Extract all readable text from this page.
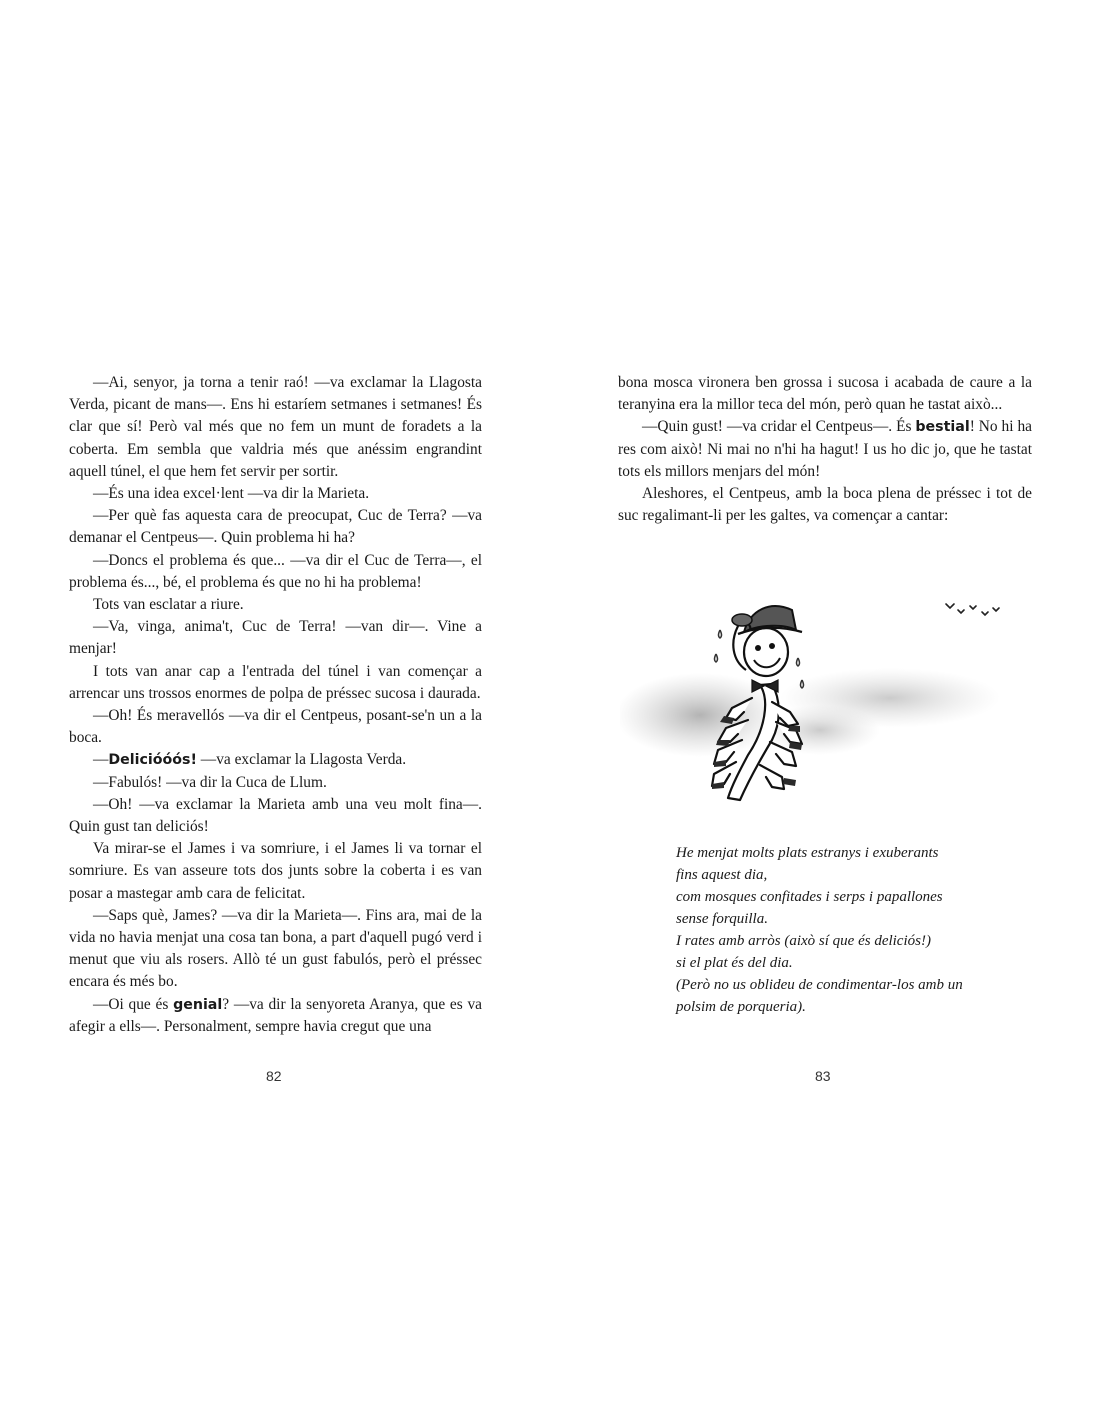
—Ai, senyor, ja torna a tenir raó! —va exclamar la Llagosta Verda, picant de mans—. Ens hi estaríem setmanes i setmanes! És clar que sí! Però val més que no fem un munt de foradets a la coberta. Em sembla que valdria més que anéssim engrandint aquell túnel, el que hem fet servir per sortir.

—És una idea excel·lent —va dir la Marieta.

—Per què fas aquesta cara de preocupat, Cuc de Terra? —va demanar el Centpeus—. Quin problema hi ha?

—Doncs el problema és que... —va dir el Cuc de Terra—, el problema és..., bé, el problema és que no hi ha problema!

Tots van esclatar a riure.

—Va, vinga, anima't, Cuc de Terra! —van dir—. Vine a menjar!

I tots van anar cap a l'entrada del túnel i van començar a arrencar uns trossos enormes de polpa de préssec sucosa i daurada.

—Oh! És meravellós —va dir el Centpeus, posant-se'n un a la boca.

—Delicióóós! —va exclamar la Llagosta Verda.

—Fabulós! —va dir la Cuca de Llum.

—Oh! —va exclamar la Marieta amb una veu molt fina—. Quin gust tan deliciós!

Va mirar-se el James i va somriure, i el James li va tornar el somriure. Es van asseure tots dos junts sobre la coberta i es van posar a mastegar amb cara de felicitat.

—Saps què, James? —va dir la Marieta—. Fins ara, mai de la vida no havia menjat una cosa tan bona, a part d'aquell pugó verd i menut que viu als rosers. Allò té un gust fabulós, però el préssec encara és més bo.

—Oi que és genial? —va dir la senyoreta Aranya, que es va afegir a ells—. Personalment, sempre havia cregut que una

82

bona mosca vironera ben grossa i sucosa i acabada de caure a la teranyina era la millor teca del món, però quan he tastat això...

—Quin gust! —va cridar el Centpeus—. És bestial! No hi ha res com això! Ni mai no n'hi ha hagut! I us ho dic jo, que he tastat tots els millors menjars del món!

Aleshores, el Centpeus, amb la boca plena de préssec i tot de suc regalimant-li per les galtes, va començar a cantar:

He menjat molts plats estranys i exuberants
fins aquest dia,
com mosques confitades i serps i papallones
sense forquilla.
I rates amb arròs (això sí que és deliciós!)
si el plat és del dia.
(Però no us oblideu de condimentar-los amb un
polsim de porqueria).
83
